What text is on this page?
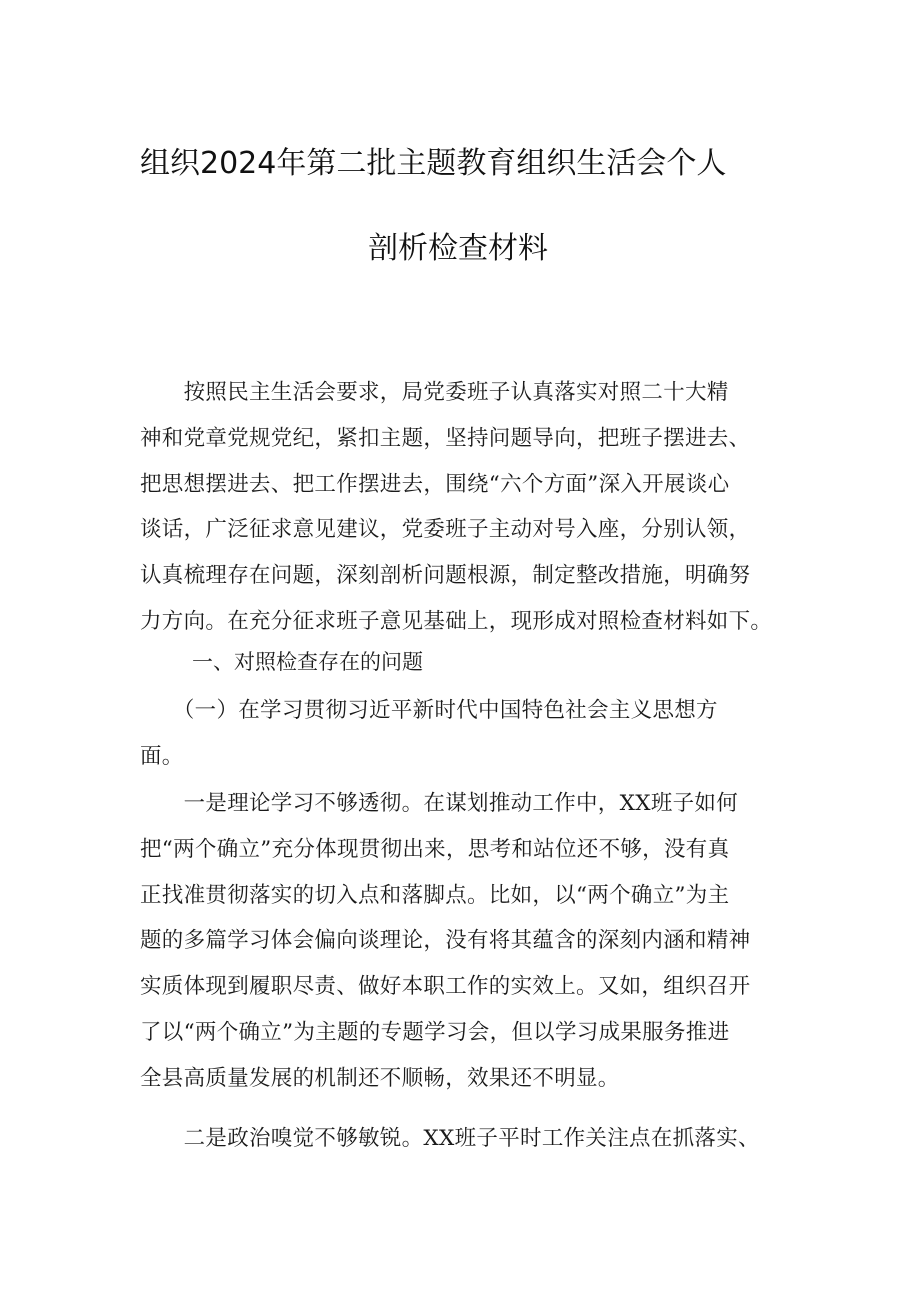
组织2024年第二批主题教育组织生活会个人
剖析检查材料
　　按照民主生活会要求，局党委班子认真落实对照二十大精
神和党章党规党纪，紧扣主题，坚持问题导向，把班子摆进去、
把思想摆进去、把工作摆进去，围绕“六个方面”深入开展谈心
谈话，广泛征求意见建议，党委班子主动对号入座，分别认领，
认真梳理存在问题，深刻剖析问题根源，制定整改措施，明确努
力方向。在充分征求班子意见基础上，现形成对照检查材料如下。
一、对照检查存在的问题
　　（一）在学习贯彻习近平新时代中国特色社会主义思想方
面。
　　一是理论学习不够透彻。在谋划推动工作中，XX班子如何
把“两个确立”充分体现贯彻出来，思考和站位还不够，没有真
正找准贯彻落实的切入点和落脚点。比如，以“两个确立”为主
题的多篇学习体会偏向谈理论，没有将其蕴含的深刻内涵和精神
实质体现到履职尽责、做好本职工作的实效上。又如，组织召开
了以“两个确立”为主题的专题学习会，但以学习成果服务推进
全县高质量发展的机制还不顺畅，效果还不明显。
　　二是政治嗅觉不够敏锐。XX班子平时工作关注点在抓落实、
